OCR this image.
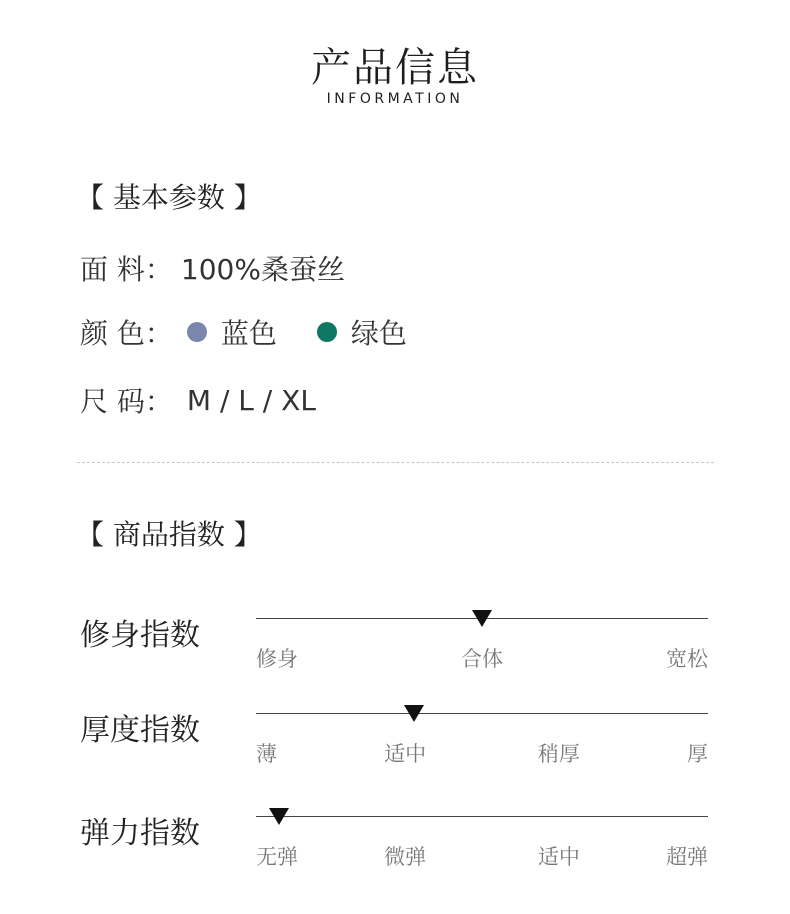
产品信息
INFORMATION
【 基本参数 】
面 料： 100%桑蚕丝
颜 色： 蓝色	绿色
尺 码： M / L / XL
【 商品指数 】
修身指数
修身	合体	宽松
厚度指数
薄	适中	稍厚	厚
弹力指数
无弹	微弹	适中	超弹
